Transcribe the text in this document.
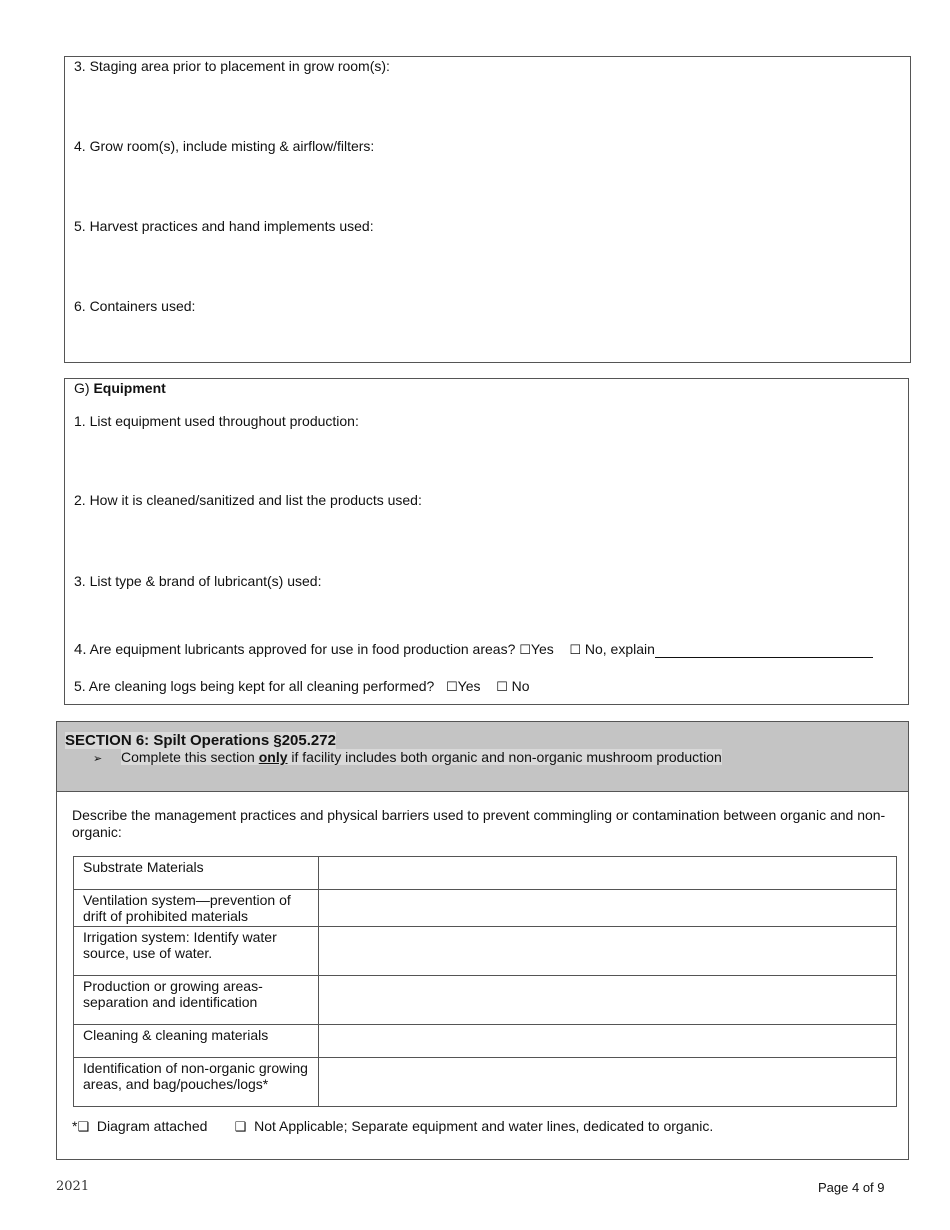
3. Staging area prior to placement in grow room(s):
4. Grow room(s), include misting & airflow/filters:
5. Harvest practices and hand implements used:
6. Containers used:
G) Equipment
1. List equipment used throughout production:
2. How it is cleaned/sanitized and list the products used:
3. List type & brand of lubricant(s) used:
4. Are equipment lubricants approved for use in food production areas? ☐Yes ☐ No, explain
5. Are cleaning logs being kept for all cleaning performed? ☐Yes ☐ No
SECTION 6: Spilt Operations §205.272
➢ Complete this section only if facility includes both organic and non-organic mushroom production
Describe the management practices and physical barriers used to prevent commingling or contamination between organic and non-organic:
Substrate Materials	
Ventilation system—prevention of drift of prohibited materials	
Irrigation system: Identify water source, use of water.	
Production or growing areas- separation and identification	
Cleaning & cleaning materials	
Identification of non-organic growing areas, and bag/pouches/logs*	
*❑ Diagram attached ❑ Not Applicable; Separate equipment and water lines, dedicated to organic.
2021	Page 4 of 9
